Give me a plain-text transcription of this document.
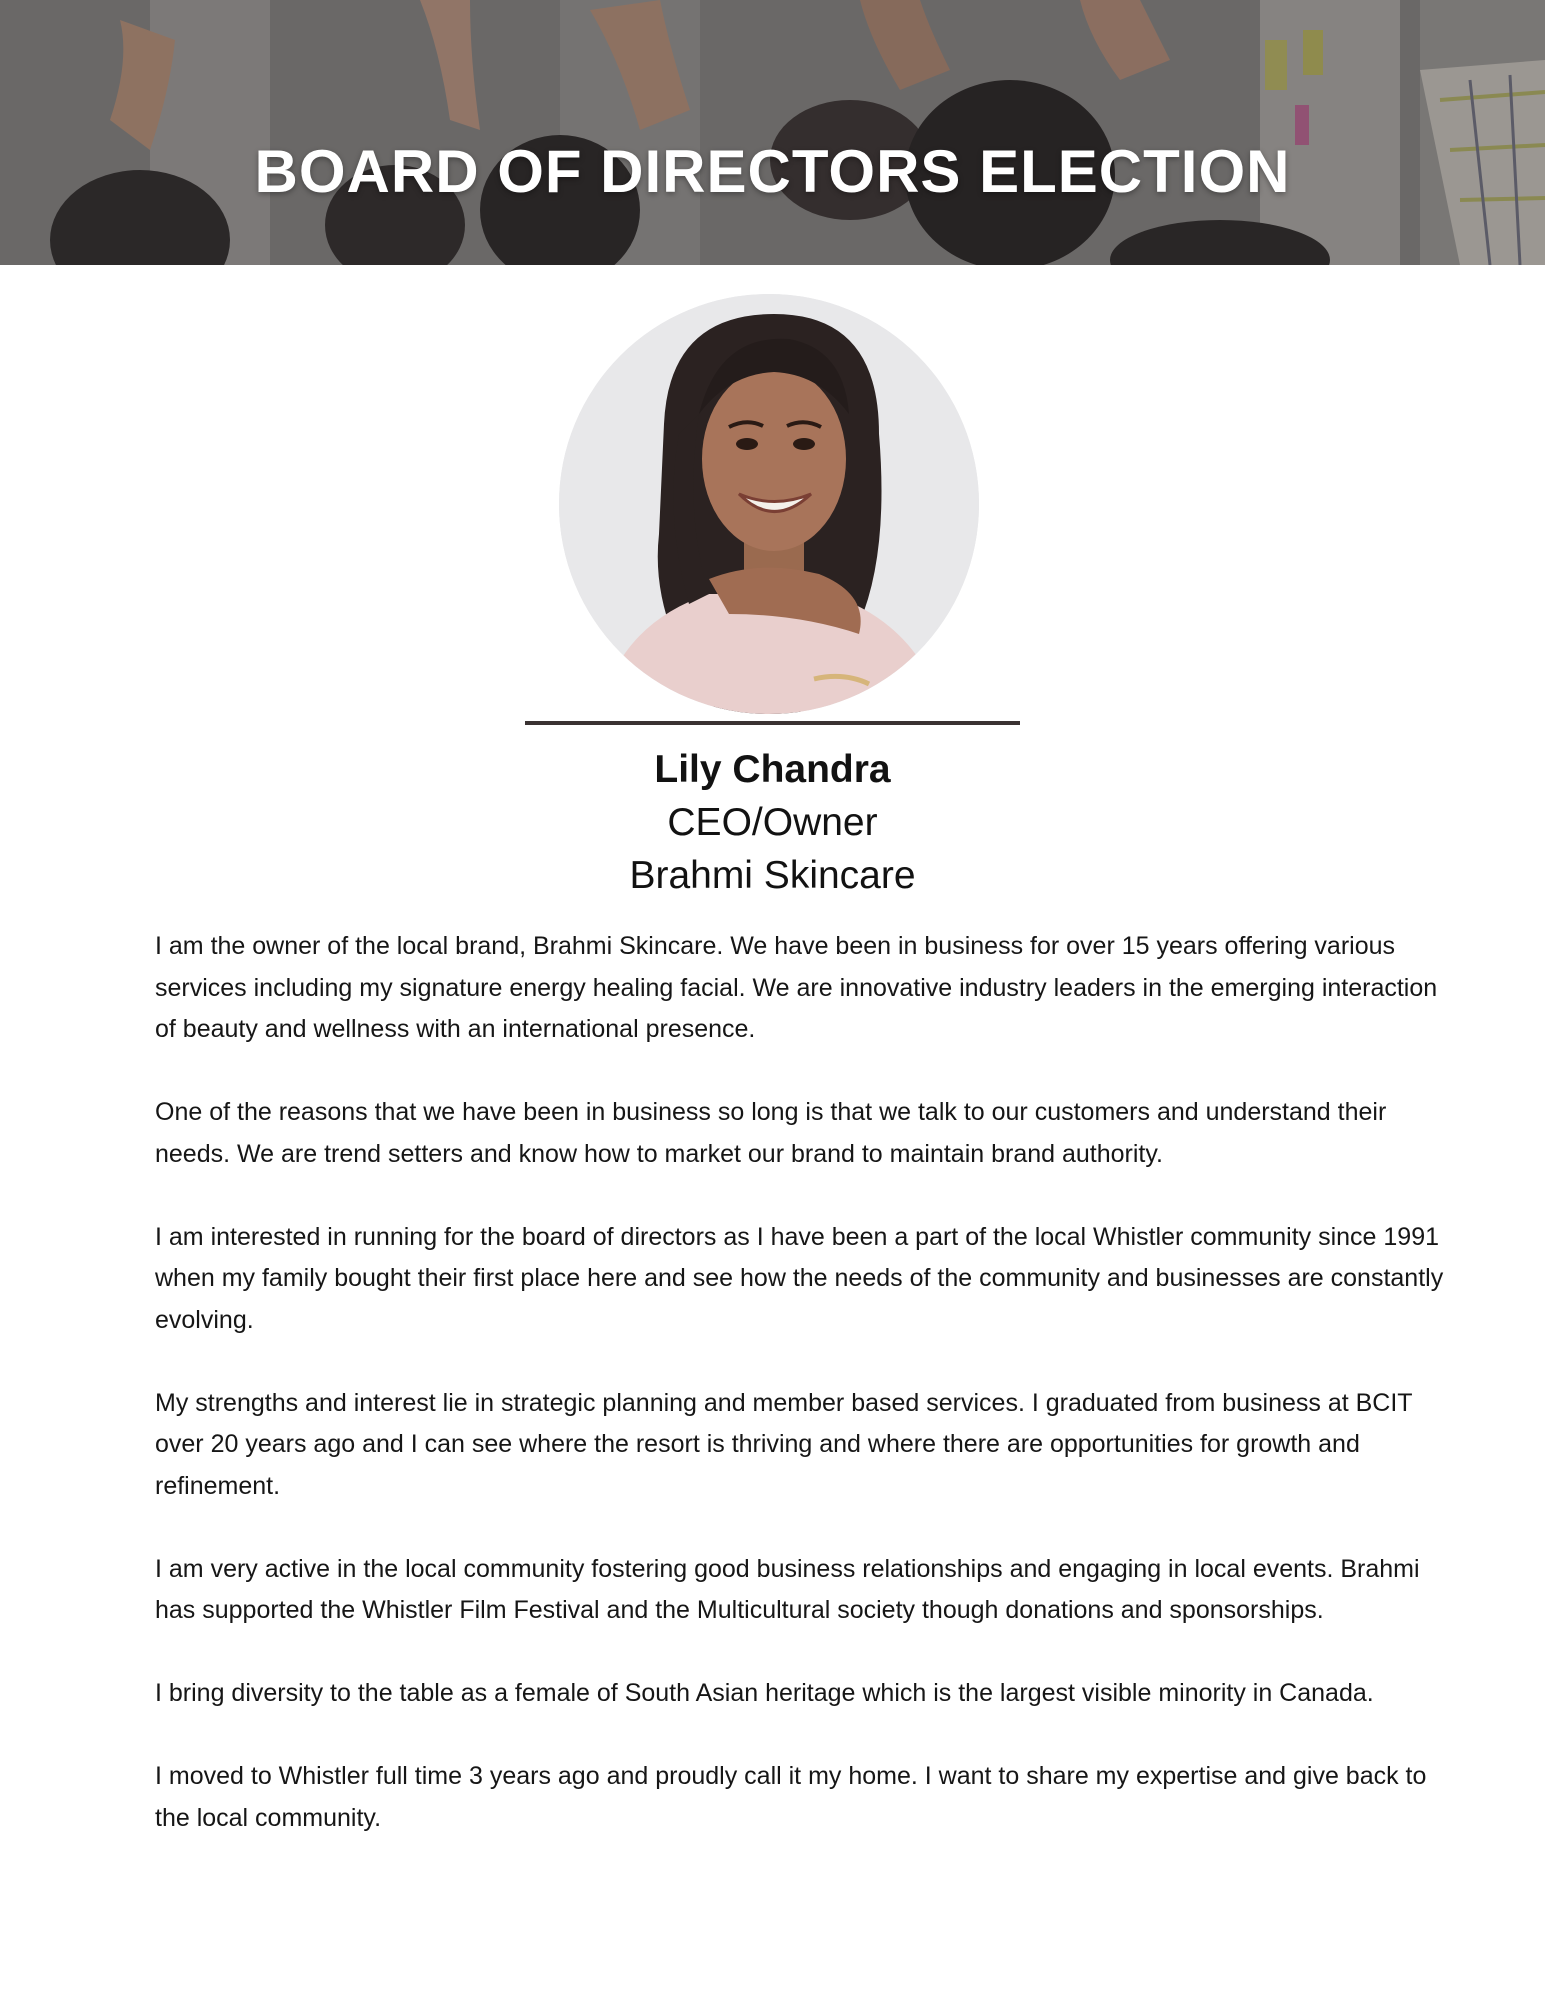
BOARD OF DIRECTORS ELECTION
Lily Chandra
CEO/Owner
Brahmi Skincare

I am the owner of the local brand, Brahmi Skincare. We have been in business for over 15 years offering various services including my signature energy healing facial. We are innovative industry leaders in the emerging interaction of beauty and wellness with an international presence.

One of the reasons that we have been in business so long is that we talk to our customers and understand their needs. We are trend setters and know how to market our brand to maintain brand authority.

I am interested in running for the board of directors as I have been a part of the local Whistler community since 1991 when my family bought their first place here and see how the needs of the community and businesses are constantly evolving.

My strengths and interest lie in strategic planning and member based services. I graduated from business at BCIT over 20 years ago and I can see where the resort is thriving and where there are opportunities for growth and refinement.

I am very active in the local community fostering good business relationships and engaging in local events. Brahmi has supported the Whistler Film Festival and the Multicultural society though donations and sponsorships.

I bring diversity to the table as a female of South Asian heritage which is the largest visible minority in Canada.

I moved to Whistler full time 3 years ago and proudly call it my home. I want to share my expertise and give back to the local community.
